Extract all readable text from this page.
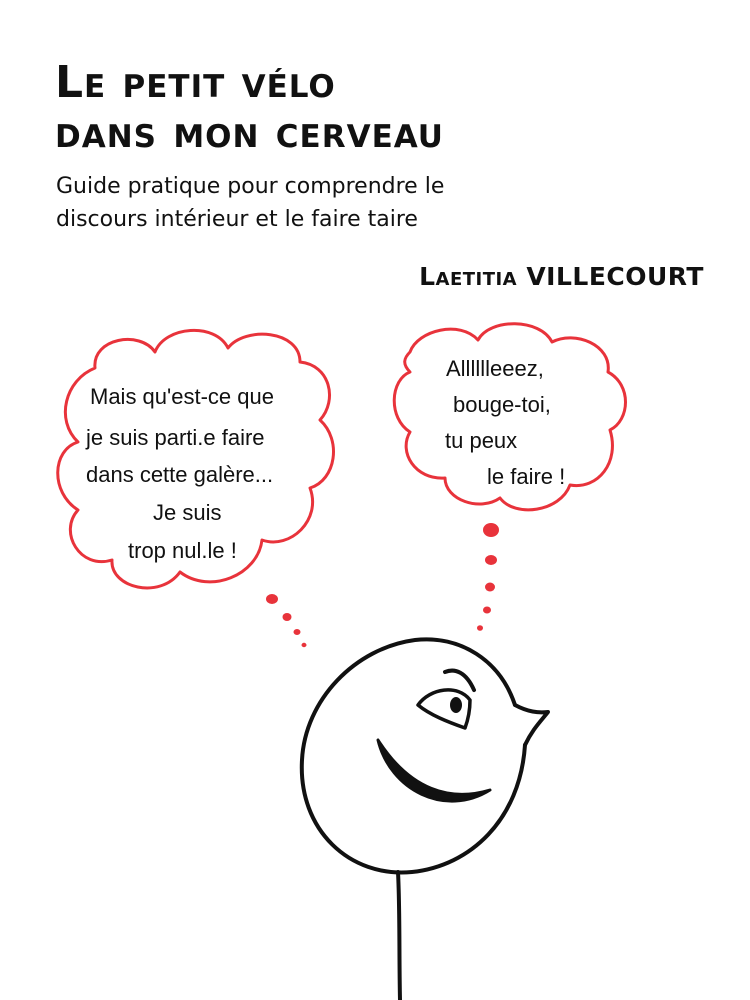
Le petit vélo
dans mon cerveau

Guide pratique pour comprendre le
discours intérieur et le faire taire

Laetitia VILLECOURT
Mais qu'est-ce que
je suis parti.e faire
dans cette galère...
Je suis
trop nul.le !
Alllllleeez,
bouge-toi,
tu peux
le faire !
